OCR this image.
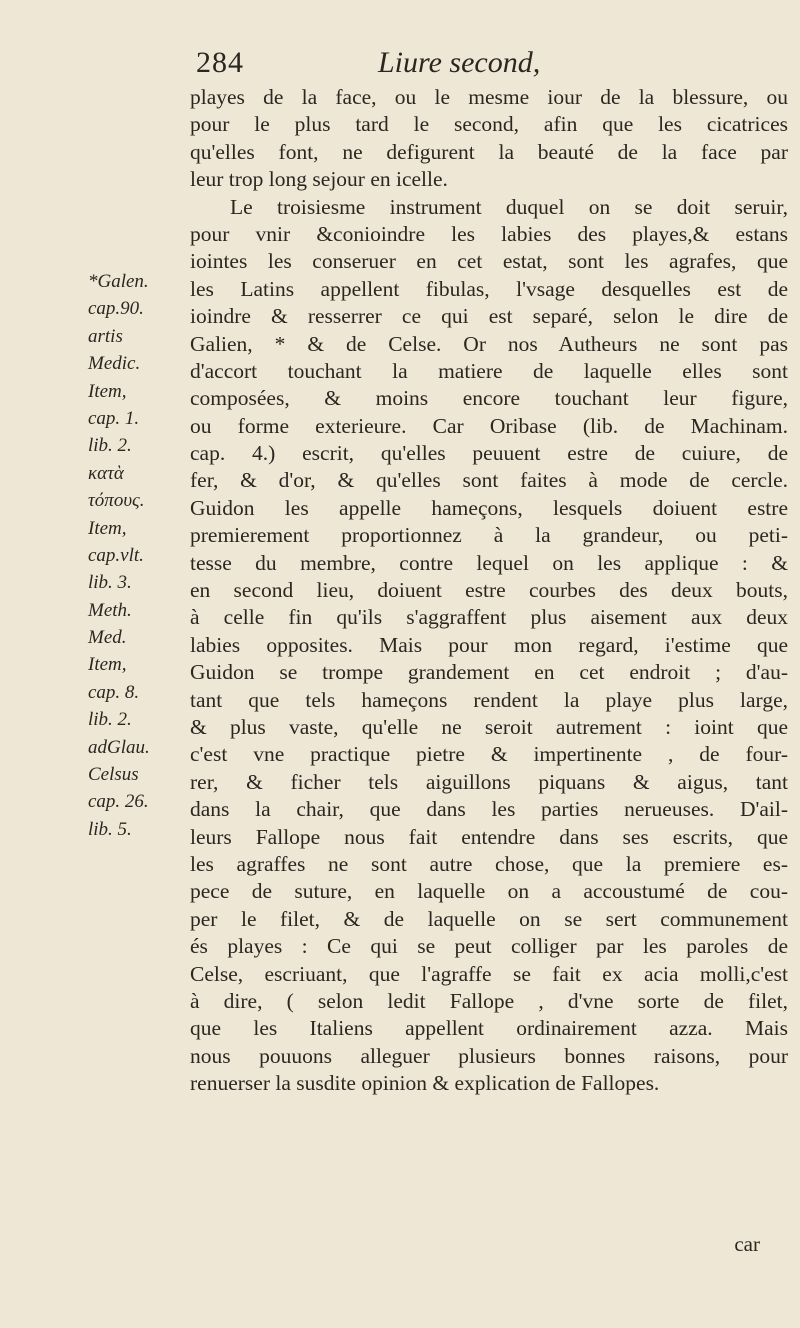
284	Liure second,
*Galen.
cap.90.
artis
Medic.
Item,
cap. 1.
lib. 2.
κατὰ
τόπους.
Item,
cap.vlt.
lib. 3.
Meth.
Med.
Item,
cap. 8.
lib. 2.
adGlau.
Celsus
cap. 26.
lib. 5.
playes de la face, ou le mesme iour de la blessure, ou
pour le plus tard le second, afin que les cicatrices
qu'elles font, ne defigurent la beauté de la face par
leur trop long sejour en icelle.
Le troisiesme instrument duquel on se doit seruir,
pour vnir &conioindre les labies des playes,& estans
iointes les conseruer en cet estat, sont les agrafes, que
les Latins appellent fibulas, l'vsage desquelles est de
ioindre & resserrer ce qui est separé, selon le dire de
Galien, * & de Celse. Or nos Autheurs ne sont pas
d'accort touchant la matiere de laquelle elles sont
composées, & moins encore touchant leur figure,
ou forme exterieure. Car Oribase (lib. de Machinam.
cap. 4.) escrit, qu'elles peuuent estre de cuiure, de
fer, & d'or, & qu'elles sont faites à mode de cercle.
Guidon les appelle hameçons, lesquels doiuent estre
premierement proportionnez à la grandeur, ou peti-
tesse du membre, contre lequel on les applique : &
en second lieu, doiuent estre courbes des deux bouts,
à celle fin qu'ils s'aggraffent plus aisement aux deux
labies opposites. Mais pour mon regard, i'estime que
Guidon se trompe grandement en cet endroit ; d'au-
tant que tels hameçons rendent la playe plus large,
& plus vaste, qu'elle ne seroit autrement : ioint que
c'est vne practique pietre & impertinente , de four-
rer, & ficher tels aiguillons piquans & aigus, tant
dans la chair, que dans les parties nerueuses. D'ail-
leurs Fallope nous fait entendre dans ses escrits, que
les agraffes ne sont autre chose, que la premiere es-
pece de suture, en laquelle on a accoustumé de cou-
per le filet, & de laquelle on se sert communement
és playes : Ce qui se peut colliger par les paroles de
Celse, escriuant, que l'agraffe se fait ex acia molli,c'est
à dire, ( selon ledit Fallope , d'vne sorte de filet,
que les Italiens appellent ordinairement azza. Mais
nous pouuons alleguer plusieurs bonnes raisons, pour
renuerser la susdite opinion & explication de Fallopes.
car
